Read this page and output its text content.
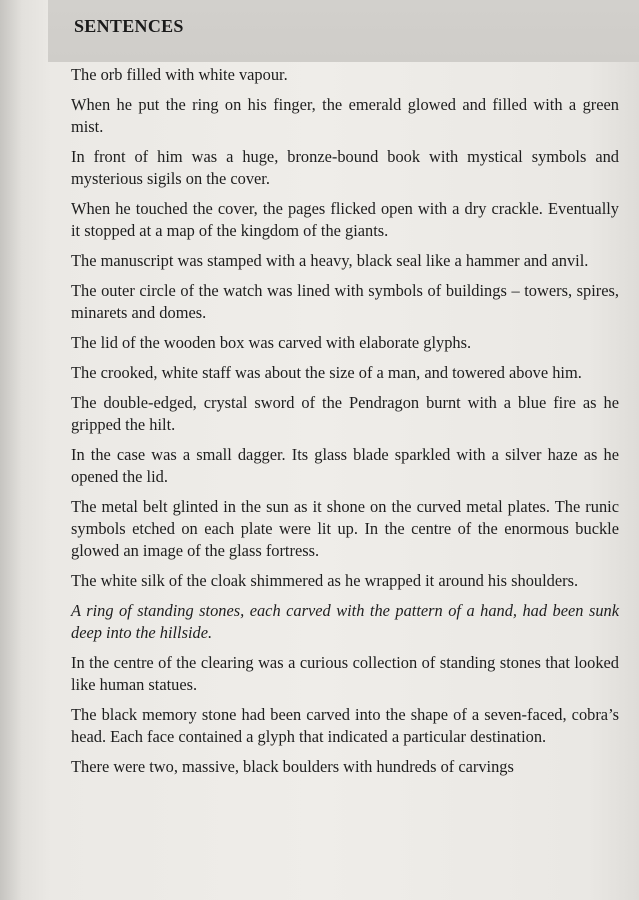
SENTENCES
The orb filled with white vapour.
When he put the ring on his finger, the emerald glowed and filled with a green mist.
In front of him was a huge, bronze-bound book with mystical symbols and mysterious sigils on the cover.
When he touched the cover, the pages flicked open with a dry crackle. Eventually it stopped at a map of the kingdom of the giants.
The manuscript was stamped with a heavy, black seal like a hammer and anvil.
The outer circle of the watch was lined with symbols of buildings – towers, spires, minarets and domes.
The lid of the wooden box was carved with elaborate glyphs.
The crooked, white staff was about the size of a man, and towered above him.
The double-edged, crystal sword of the Pendragon burnt with a blue fire as he gripped the hilt.
In the case was a small dagger. Its glass blade sparkled with a silver haze as he opened the lid.
The metal belt glinted in the sun as it shone on the curved metal plates. The runic symbols etched on each plate were lit up. In the centre of the enormous buckle glowed an image of the glass fortress.
The white silk of the cloak shimmered as he wrapped it around his shoulders.
A ring of standing stones, each carved with the pattern of a hand, had been sunk deep into the hillside.
In the centre of the clearing was a curious collection of standing stones that looked like human statues.
The black memory stone had been carved into the shape of a seven-faced, cobra’s head. Each face contained a glyph that indicated a particular destination.
There were two, massive, black boulders with hundreds of carvings
